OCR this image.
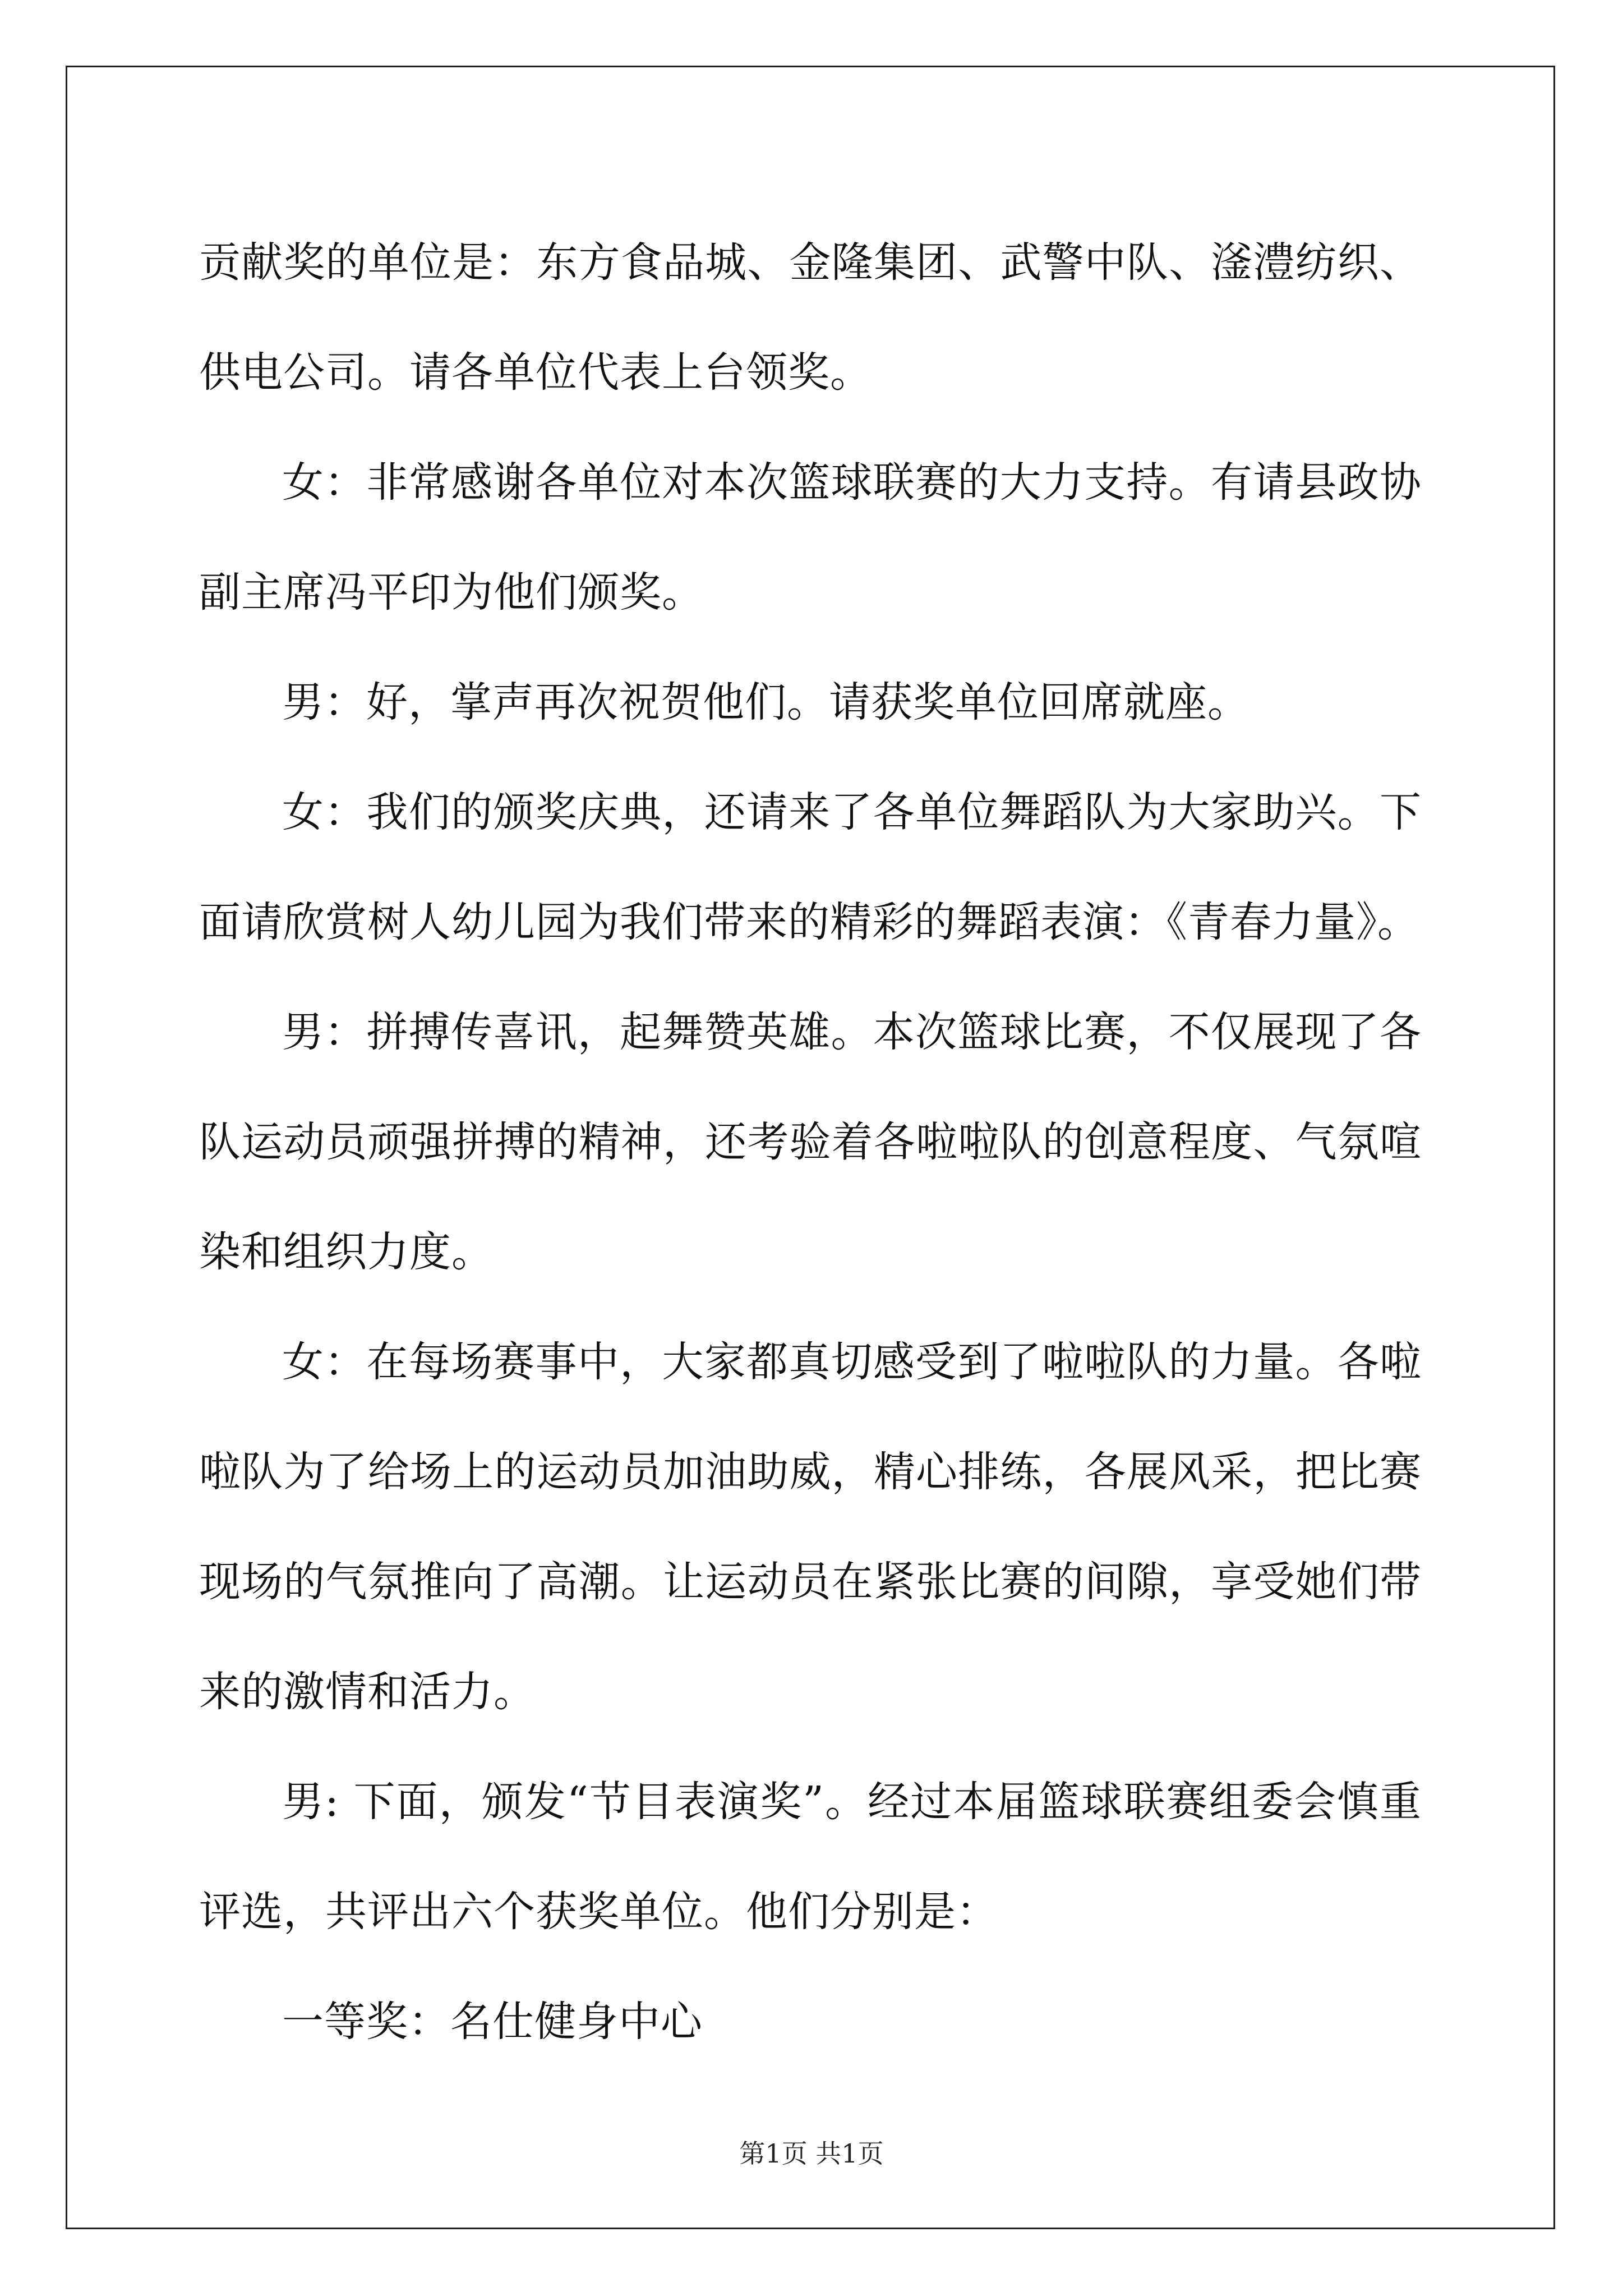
贡献奖的单位是：东方食品城、金隆集团、武警中队、滏澧纺织、供电公司。请各单位代表上台领奖。

女：非常感谢各单位对本次篮球联赛的大力支持。有请县政协副主席冯平印为他们颁奖。

男：好，掌声再次祝贺他们。请获奖单位回席就座。

女：我们的颁奖庆典，还请来了各单位舞蹈队为大家助兴。下面请欣赏树人幼儿园为我们带来的精彩的舞蹈表演：《青春力量》。

男：拼搏传喜讯，起舞赞英雄。本次篮球比赛，不仅展现了各队运动员顽强拼搏的精神，还考验着各啦啦队的创意程度、气氛喧染和组织力度。

女：在每场赛事中，大家都真切感受到了啦啦队的力量。各啦啦队为了给场上的运动员加油助威，精心排练，各展风采，把比赛现场的气氛推向了高潮。让运动员在紧张比赛的间隙，享受她们带来的激情和活力。

男: 下面，颁发“节目表演奖”。经过本届篮球联赛组委会慎重评选，共评出六个获奖单位。他们分别是：

一等奖：名仕健身中心

第1页 共1页
